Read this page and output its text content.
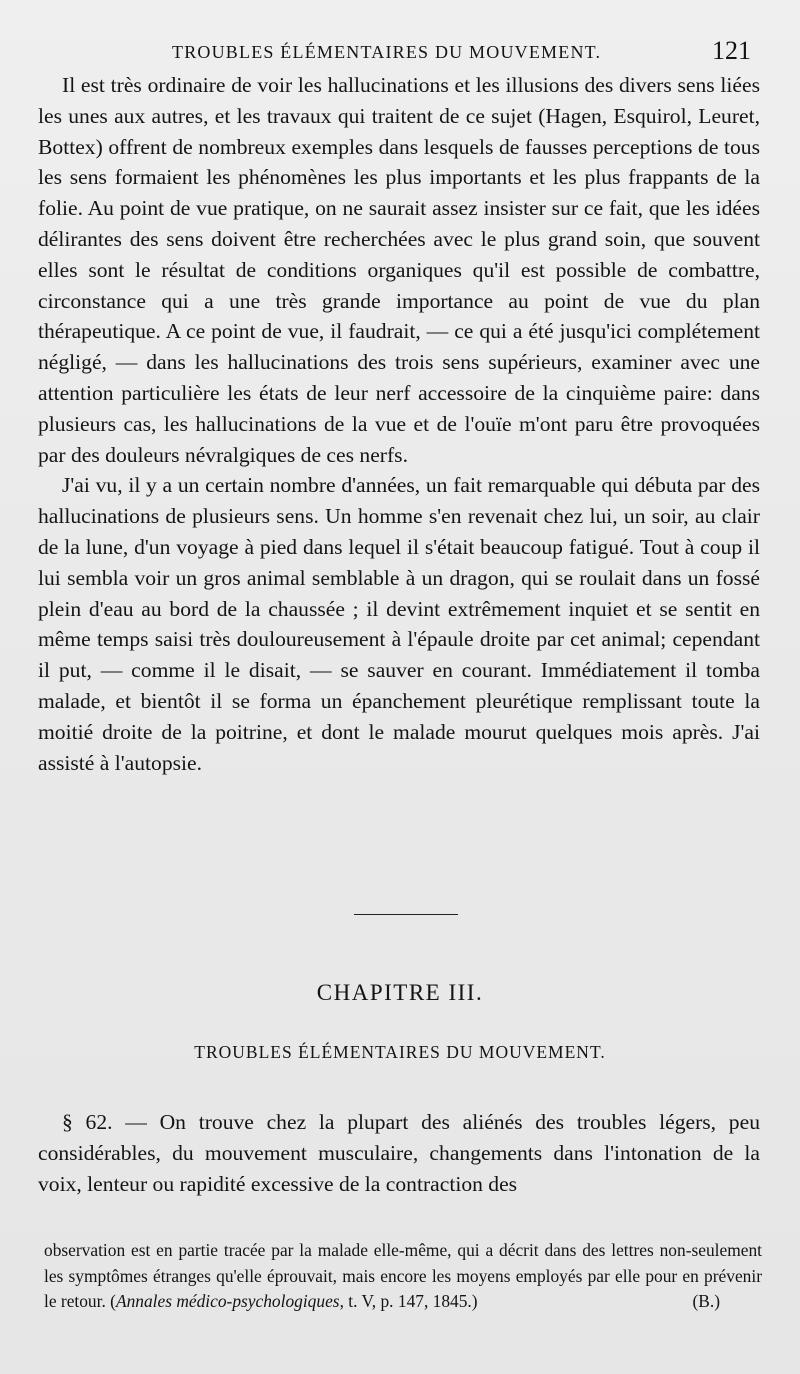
TROUBLES ÉLÉMENTAIRES DU MOUVEMENT.	121

Il est très ordinaire de voir les hallucinations et les illusions des divers sens liées les unes aux autres, et les travaux qui traitent de ce sujet (Hagen, Esquirol, Leuret, Bottex) offrent de nombreux exemples dans lesquels de fausses perceptions de tous les sens formaient les phénomènes les plus importants et les plus frappants de la folie. Au point de vue pratique, on ne saurait assez insister sur ce fait, que les idées délirantes des sens doivent être recherchées avec le plus grand soin, que souvent elles sont le résultat de conditions organiques qu'il est possible de combattre, circonstance qui a une très grande importance au point de vue du plan thérapeutique. A ce point de vue, il faudrait, — ce qui a été jusqu'ici complétement négligé, — dans les hallucinations des trois sens supérieurs, examiner avec une attention particulière les états de leur nerf accessoire de la cinquième paire: dans plusieurs cas, les hallucinations de la vue et de l'ouïe m'ont paru être provoquées par des douleurs névralgiques de ces nerfs.

J'ai vu, il y a un certain nombre d'années, un fait remarquable qui débuta par des hallucinations de plusieurs sens. Un homme s'en revenait chez lui, un soir, au clair de la lune, d'un voyage à pied dans lequel il s'était beaucoup fatigué. Tout à coup il lui sembla voir un gros animal semblable à un dragon, qui se roulait dans un fossé plein d'eau au bord de la chaussée ; il devint extrêmement inquiet et se sentit en même temps saisi très douloureusement à l'épaule droite par cet animal; cependant il put, — comme il le disait, — se sauver en courant. Immédiatement il tomba malade, et bientôt il se forma un épanchement pleurétique remplissant toute la moitié droite de la poitrine, et dont le malade mourut quelques mois après. J'ai assisté à l'autopsie.

CHAPITRE III.
TROUBLES ÉLÉMENTAIRES DU MOUVEMENT.

§ 62. — On trouve chez la plupart des aliénés des troubles légers, peu considérables, du mouvement musculaire, changements dans l'intonation de la voix, lenteur ou rapidité excessive de la contraction des

observation est en partie tracée par la malade elle-même, qui a décrit dans des lettres non-seulement les symptômes étranges qu'elle éprouvait, mais encore les moyens employés par elle pour en prévenir le retour. (Annales médico-psychologiques, t. V, p. 147, 1845.)	(B.)
